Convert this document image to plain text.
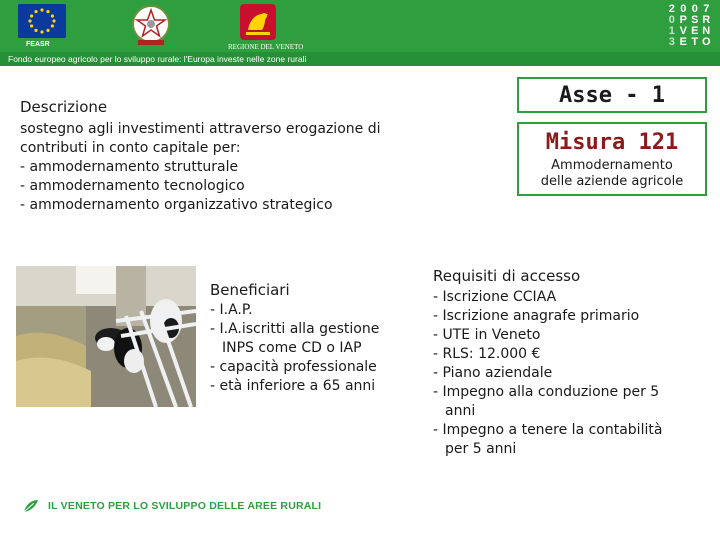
FEASR	REGIONE DEL VENETO
Fondo europeo agricolo per lo sviluppo rurale: l'Europa investe nelle zone rurali
2 0 0 7
0 P S R
1 V E N
3 E T O
Asse - 1
Misura 121
Ammodernamento
delle aziende agricole
Descrizione
sostegno agli investimenti attraverso erogazione di
contributi in conto capitale per:
- ammodernamento strutturale
- ammodernamento tecnologico
- ammodernamento organizzativo strategico
Beneficiari
- I.A.P.
- I.A.iscritti alla gestione
INPS come CD o IAP
- capacità professionale
- età inferiore a 65 anni
Requisiti di accesso
- Iscrizione CCIAA
- Iscrizione anagrafe primario
- UTE in Veneto
- RLS: 12.000 €
- Piano aziendale
- Impegno alla conduzione per 5
anni
- Impegno a tenere la contabilità
per 5 anni
IL VENETO PER LO SVILUPPO DELLE AREE RURALI
